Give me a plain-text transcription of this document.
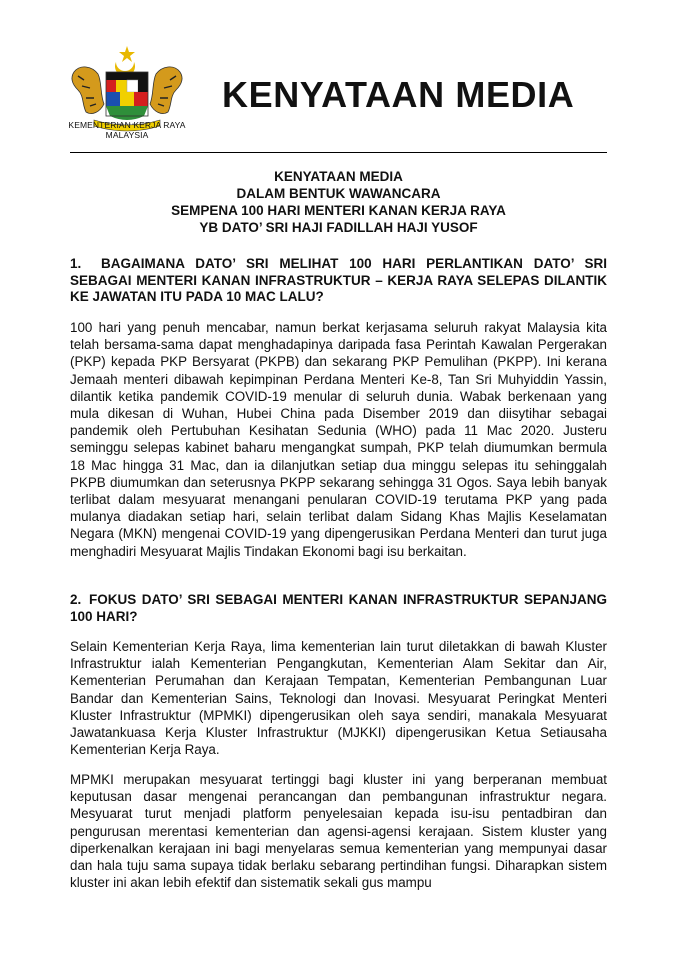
KEMENTERIAN KERJA RAYA
MALAYSIA
KENYATAAN MEDIA
KENYATAAN MEDIA
DALAM BENTUK WAWANCARA
SEMPENA 100 HARI MENTERI KANAN KERJA RAYA
YB DATO’ SRI HAJI FADILLAH HAJI YUSOF
1. BAGAIMANA DATO’ SRI MELIHAT 100 HARI PERLANTIKAN DATO’ SRI SEBAGAI MENTERI KANAN INFRASTRUKTUR – KERJA RAYA SELEPAS DILANTIK KE JAWATAN ITU PADA 10 MAC LALU?
100 hari yang penuh mencabar, namun berkat kerjasama seluruh rakyat Malaysia kita telah bersama-sama dapat menghadapinya daripada fasa Perintah Kawalan Pergerakan (PKP) kepada PKP Bersyarat (PKPB) dan sekarang PKP Pemulihan (PKPP). Ini kerana Jemaah menteri dibawah kepimpinan Perdana Menteri Ke-8, Tan Sri Muhyiddin Yassin, dilantik ketika pandemik COVID-19 menular di seluruh dunia. Wabak berkenaan yang mula dikesan di Wuhan, Hubei China pada Disember 2019 dan diisytihar sebagai pandemik oleh Pertubuhan Kesihatan Sedunia (WHO) pada 11 Mac 2020. Justeru seminggu selepas kabinet baharu mengangkat sumpah, PKP telah diumumkan bermula 18 Mac hingga 31 Mac, dan ia dilanjutkan setiap dua minggu selepas itu sehinggalah PKPB diumumkan dan seterusnya PKPP sekarang sehingga 31 Ogos. Saya lebih banyak terlibat dalam mesyuarat menangani penularan COVID-19 terutama PKP yang pada mulanya diadakan setiap hari, selain terlibat dalam Sidang Khas Majlis Keselamatan Negara (MKN) mengenai COVID-19 yang dipengerusikan Perdana Menteri dan turut juga menghadiri Mesyuarat Majlis Tindakan Ekonomi bagi isu berkaitan.
2. FOKUS DATO’ SRI SEBAGAI MENTERI KANAN INFRASTRUKTUR SEPANJANG 100 HARI?
Selain Kementerian Kerja Raya, lima kementerian lain turut diletakkan di bawah Kluster Infrastruktur ialah Kementerian Pengangkutan, Kementerian Alam Sekitar dan Air, Kementerian Perumahan dan Kerajaan Tempatan, Kementerian Pembangunan Luar Bandar dan Kementerian Sains, Teknologi dan Inovasi. Mesyuarat Peringkat Menteri Kluster Infrastruktur (MPMKI) dipengerusikan oleh saya sendiri, manakala Mesyuarat Jawatankuasa Kerja Kluster Infrastruktur (MJKKI) dipengerusikan Ketua Setiausaha Kementerian Kerja Raya.
MPMKI merupakan mesyuarat tertinggi bagi kluster ini yang berperanan membuat keputusan dasar mengenai perancangan dan pembangunan infrastruktur negara. Mesyuarat turut menjadi platform penyelesaian kepada isu-isu pentadbiran dan pengurusan merentasi kementerian dan agensi-agensi kerajaan. Sistem kluster yang diperkenalkan kerajaan ini bagi menyelaras semua kementerian yang mempunyai dasar dan hala tuju sama supaya tidak berlaku sebarang pertindihan fungsi. Diharapkan sistem kluster ini akan lebih efektif dan sistematik sekali gus mampu
